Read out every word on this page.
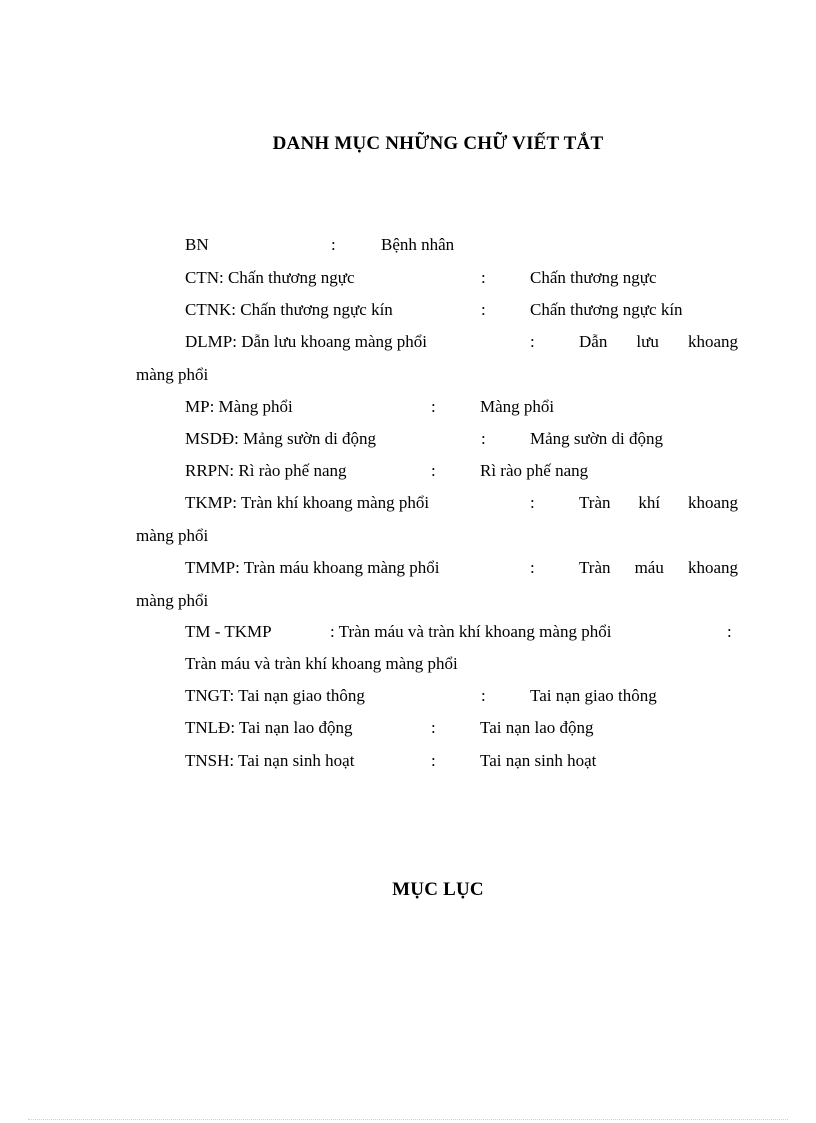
DANH MỤC NHỮNG CHỮ VIẾT TẮT
BN	:	Bệnh nhân
CTN: Chấn thương ngực	:	Chấn thương ngực
CTNK: Chấn thương ngực kín	:	Chấn thương ngực kín
DLMP: Dẫn lưu khoang màng phổi	:	Dẫn lưu khoang
màng phổi
MP: Màng phổi	:	Màng phổi
MSDĐ: Mảng sườn di động	:	Mảng sườn di động
RRPN: Rì rào phế nang	:	Rì rào phế nang
TKMP: Tràn khí khoang màng phổi	:	Tràn khí khoang
màng phổi
TMMP: Tràn máu khoang màng phổi	:	Tràn máu khoang
màng phổi
TM - TKMP	: Tràn máu và tràn khí khoang màng phổi	:
Tràn máu và tràn khí khoang màng phổi
TNGT: Tai nạn giao thông	:	Tai nạn giao thông
TNLĐ: Tai nạn lao động	:	Tai nạn lao động
TNSH: Tai nạn sinh hoạt	:	Tai nạn sinh hoạt
MỤC LỤC
